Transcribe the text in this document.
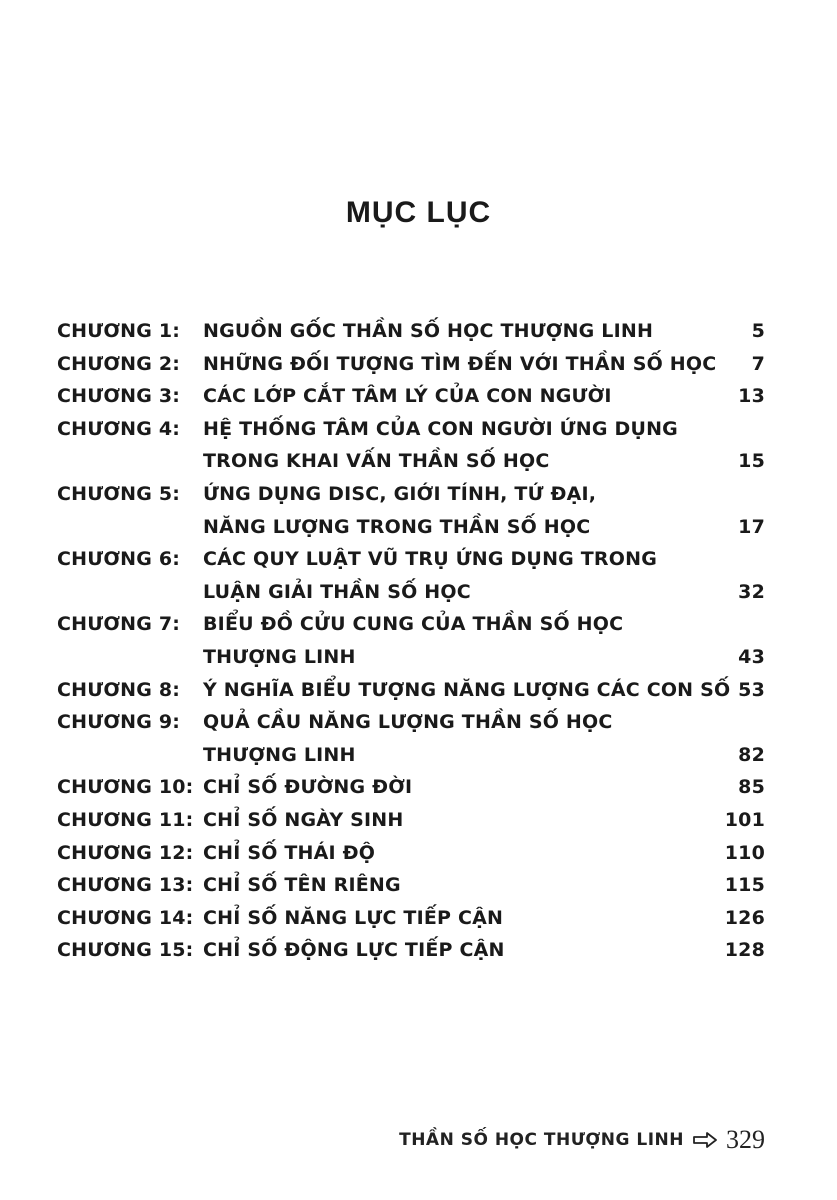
MỤC LỤC
CHƯƠNG 1: NGUỒN GỐC THẦN SỐ HỌC THƯỢNG LINH	5
CHƯƠNG 2: NHỮNG ĐỐI TƯỢNG TÌM ĐẾN VỚI THẦN SỐ HỌC 7
CHƯƠNG 3: CÁC LỚP CẮT TÂM LÝ CỦA CON NGƯỜI	13
CHƯƠNG 4: HỆ THỐNG TÂM CỦA CON NGƯỜI ỨNG DỤNG
TRONG KHAI VẤN THẦN SỐ HỌC	15
CHƯƠNG 5: ỨNG DỤNG DISC, GIỚI TÍNH, TỨ ĐẠI,
NĂNG LƯỢNG TRONG THẦN SỐ HỌC	17
CHƯƠNG 6: CÁC QUY LUẬT VŨ TRỤ ỨNG DỤNG TRONG
LUẬN GIẢI THẦN SỐ HỌC	32
CHƯƠNG 7: BIỂU ĐỒ CỬU CUNG CỦA THẦN SỐ HỌC
THƯỢNG LINH	43
CHƯƠNG 8: Ý NGHĨA BIỂU TƯỢNG NĂNG LƯỢNG CÁC CON SỐ 53
CHƯƠNG 9: QUẢ CẦU NĂNG LƯỢNG THẦN SỐ HỌC
THƯỢNG LINH	82
CHƯƠNG 10: CHỈ SỐ ĐƯỜNG ĐỜI	85
CHƯƠNG 11: CHỈ SỐ NGÀY SINH	101
CHƯƠNG 12: CHỈ SỐ THÁI ĐỘ	110
CHƯƠNG 13: CHỈ SỐ TÊN RIÊNG	115
CHƯƠNG 14: CHỈ SỐ NĂNG LỰC TIẾP CẬN	126
CHƯƠNG 15: CHỈ SỐ ĐỘNG LỰC TIẾP CẬN	128
THẦN SỐ HỌC THƯỢNG LINH 329
